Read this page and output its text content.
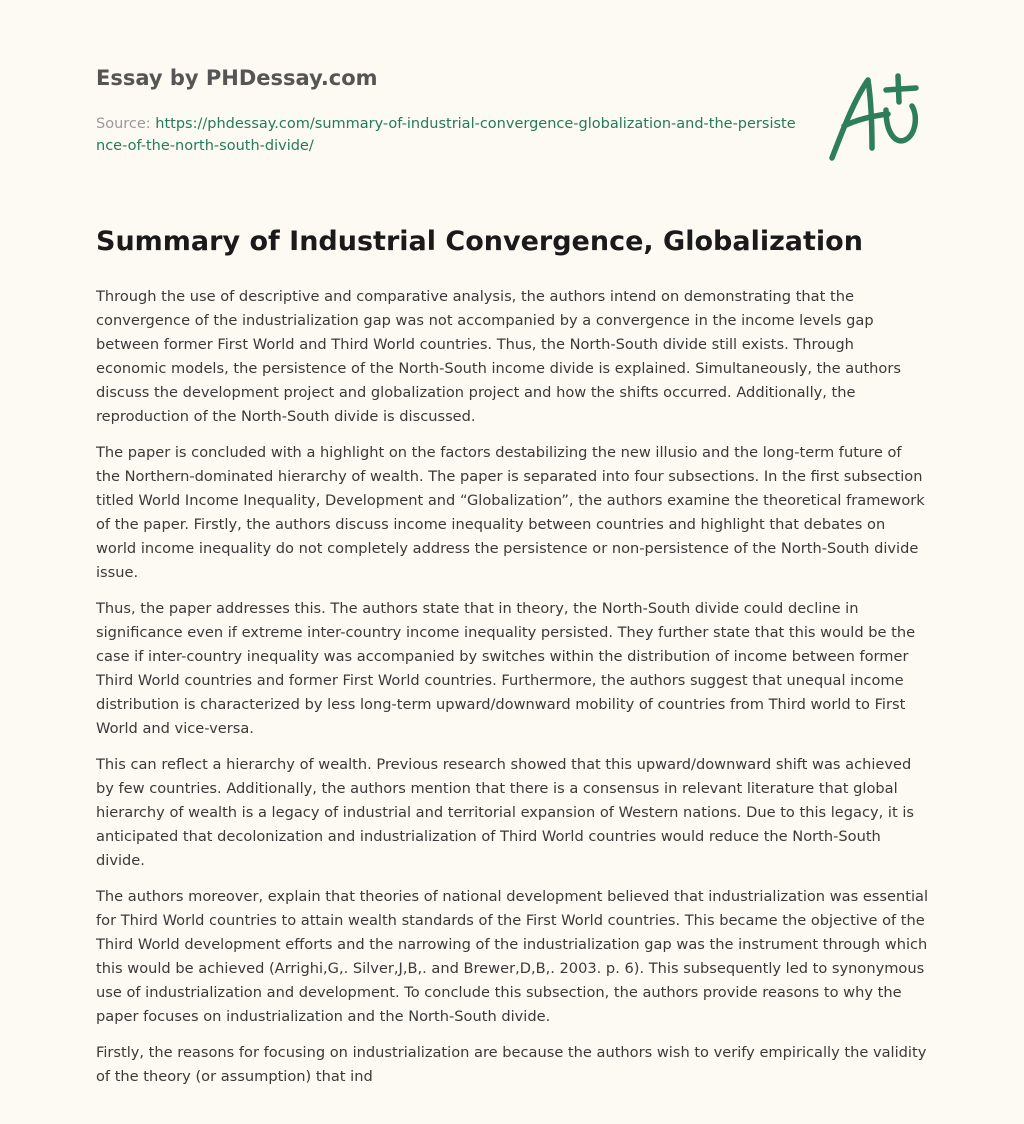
Essay by PHDessay.com
Source: https://phdessay.com/summary-of-industrial-convergence-globalization-and-the-persistence-of-the-north-south-divide/
Summary of Industrial Convergence, Globalization

Through the use of descriptive and comparative analysis, the authors intend on demonstrating that the convergence of the industrialization gap was not accompanied by a convergence in the income levels gap between former First World and Third World countries. Thus, the North-South divide still exists. Through economic models, the persistence of the North-South income divide is explained. Simultaneously, the authors discuss the development project and globalization project and how the shifts occurred. Additionally, the reproduction of the North-South divide is discussed.

The paper is concluded with a highlight on the factors destabilizing the new illusio and the long-term future of the Northern-dominated hierarchy of wealth. The paper is separated into four subsections. In the first subsection titled World Income Inequality, Development and “Globalization”, the authors examine the theoretical framework of the paper. Firstly, the authors discuss income inequality between countries and highlight that debates on world income inequality do not completely address the persistence or non-persistence of the North-South divide issue.

Thus, the paper addresses this. The authors state that in theory, the North-South divide could decline in significance even if extreme inter-country income inequality persisted. They further state that this would be the case if inter-country inequality was accompanied by switches within the distribution of income between former Third World countries and former First World countries. Furthermore, the authors suggest that unequal income distribution is characterized by less long-term upward/downward mobility of countries from Third world to First World and vice-versa.

This can reflect a hierarchy of wealth. Previous research showed that this upward/downward shift was achieved by few countries. Additionally, the authors mention that there is a consensus in relevant literature that global hierarchy of wealth is a legacy of industrial and territorial expansion of Western nations. Due to this legacy, it is anticipated that decolonization and industrialization of Third World countries would reduce the North-South divide.

The authors moreover, explain that theories of national development believed that industrialization was essential for Third World countries to attain wealth standards of the First World countries. This became the objective of the Third World development efforts and the narrowing of the industrialization gap was the instrument through which this would be achieved (Arrighi,G,. Silver,J,B,. and Brewer,D,B,. 2003. p. 6). This subsequently led to synonymous use of industrialization and development. To conclude this subsection, the authors provide reasons to why the paper focuses on industrialization and the North-South divide.

Firstly, the reasons for focusing on industrialization are because the authors wish to verify empirically the validity of the theory (or assumption) that ind
